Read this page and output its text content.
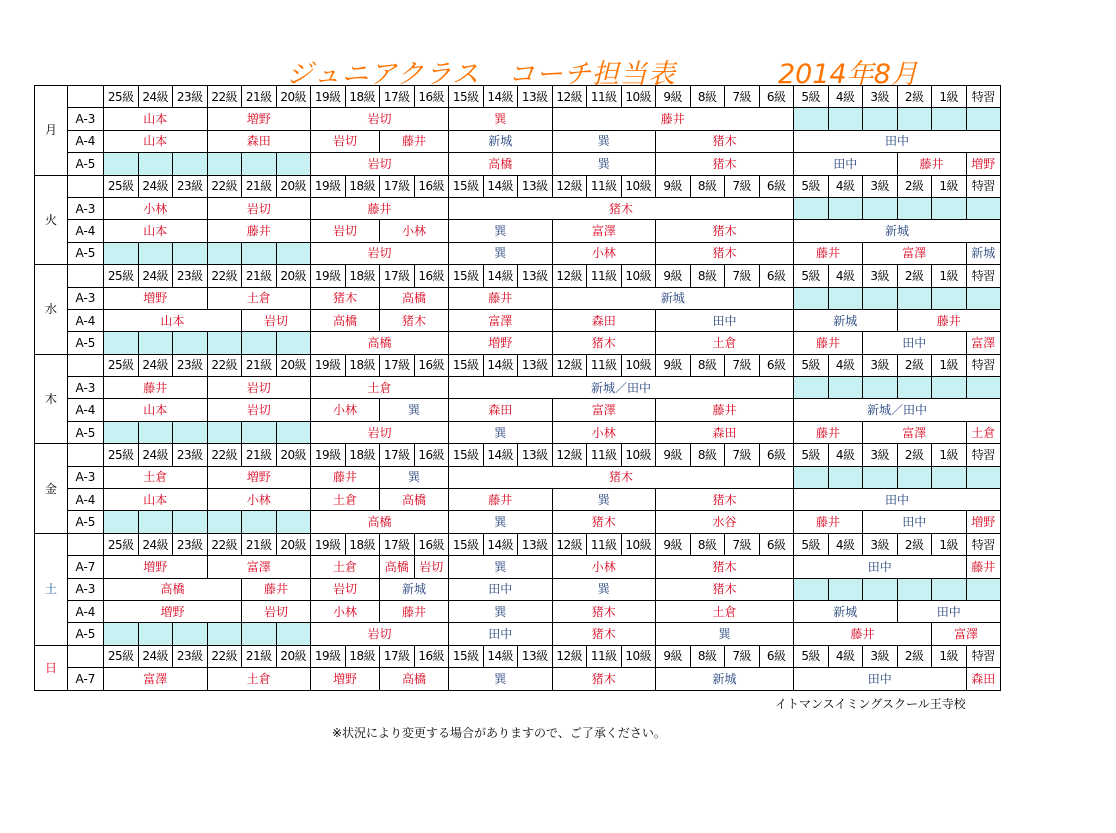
ジュニアクラス　コーチ担当表	2014年8月
月		25級	24級	23級	22級	21級	20級	19級	18級	17級	16級	15級	14級	13級	12級	11級	10級	9級	8級	7級	6級	5級	4級	3級	2級	1級	特習
	A-3	山本			増野			岩切				巽			藤井												
	A-4	山本			森田			岩切		藤井		新城			巽			猪木				田中					
	A-5							岩切				高橋			巽			猪木				田中			藤井		増野
火		25級	24級	23級	22級	21級	20級	19級	18級	17級	16級	15級	14級	13級	12級	11級	10級	9級	8級	7級	6級	5級	4級	3級	2級	1級	特習
	A-3	小林			岩切			藤井				猪木															
	A-4	山本			藤井			岩切		小林		巽			富澤			猪木				新城					
	A-5							岩切				巽			小林			猪木				藤井		富澤			新城
水		25級	24級	23級	22級	21級	20級	19級	18級	17級	16級	15級	14級	13級	12級	11級	10級	9級	8級	7級	6級	5級	4級	3級	2級	1級	特習
	A-3	増野			土倉			猪木		高橋		藤井			新城												
	A-4	山本				岩切		高橋		猪木		富澤			森田			田中				新城			藤井		
	A-5							高橋				増野			猪木			土倉				藤井		田中			富澤
木		25級	24級	23級	22級	21級	20級	19級	18級	17級	16級	15級	14級	13級	12級	11級	10級	9級	8級	7級	6級	5級	4級	3級	2級	1級	特習
	A-3	藤井			岩切			土倉				新城／田中															
	A-4	山本			岩切			小林		巽		森田			富澤			藤井				新城／田中					
	A-5							岩切				巽			小林			森田				藤井		富澤			土倉
金		25級	24級	23級	22級	21級	20級	19級	18級	17級	16級	15級	14級	13級	12級	11級	10級	9級	8級	7級	6級	5級	4級	3級	2級	1級	特習
	A-3	土倉			増野			藤井		巽		猪木															
	A-4	山本			小林			土倉		高橋		藤井			巽			猪木				田中					
	A-5							高橋				巽			猪木			水谷				藤井		田中			増野
土		25級	24級	23級	22級	21級	20級	19級	18級	17級	16級	15級	14級	13級	12級	11級	10級	9級	8級	7級	6級	5級	4級	3級	2級	1級	特習
	A-7	増野			富澤			土倉		高橋	岩切	巽			小林			猪木				田中					藤井
	A-3	高橋				藤井		岩切		新城		田中			巽			猪木									
	A-4	増野				岩切		小林		藤井		巽			猪木			土倉				新城			田中		
	A-5							岩切				田中			猪木			巽				藤井				富澤	
日		25級	24級	23級	22級	21級	20級	19級	18級	17級	16級	15級	14級	13級	12級	11級	10級	9級	8級	7級	6級	5級	4級	3級	2級	1級	特習
	A-7	富澤			土倉			増野		高橋		巽			猪木			新城				田中					森田
イトマンスイミングスクール王寺校
※状況により変更する場合がありますので、ご了承ください。
